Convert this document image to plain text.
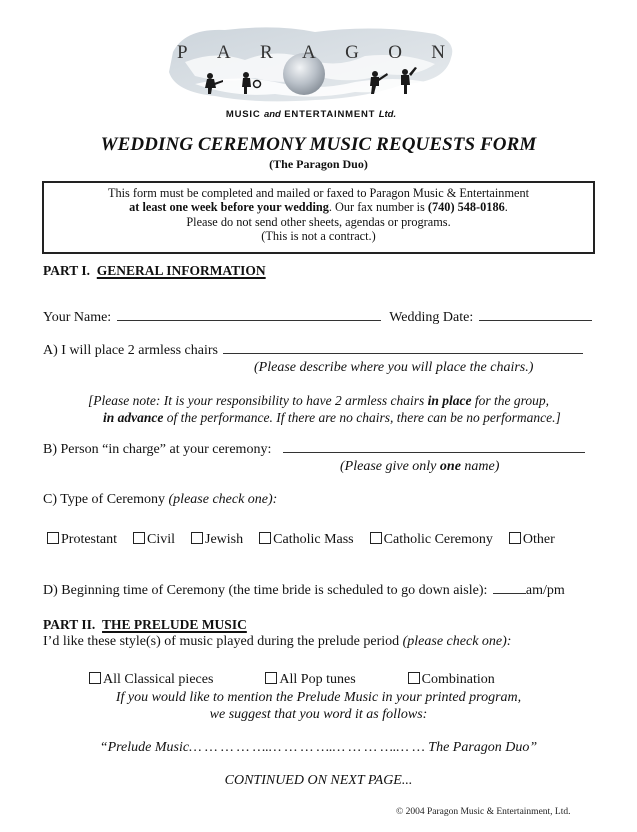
P A R A G O N
MUSIC and ENTERTAINMENT Ltd.
WEDDING CEREMONY MUSIC REQUESTS FORM
(The Paragon Duo)
This form must be completed and mailed or faxed to Paragon Music & Entertainment
at least one week before your wedding. Our fax number is (740) 548-0186.
Please do not send other sheets, agendas or programs.
(This is not a contract.)
PART I. GENERAL INFORMATION
Your Name:	Wedding Date:
A) I will place 2 armless chairs
(Please describe where you will place the chairs.)
[Please note: It is your responsibility to have 2 armless chairs in place for the group,
in advance of the performance. If there are no chairs, there can be no performance.]
B) Person “in charge” at your ceremony:
(Please give only one name)
C) Type of Ceremony (please check one):
Protestant Civil Jewish Catholic Mass Catholic Ceremony Other
D) Beginning time of Ceremony (the time bride is scheduled to go down aisle):	am/pm
PART II. THE PRELUDE MUSIC
I’d like these style(s) of music played during the prelude period (please check one):
All Classical pieces	All Pop tunes	Combination
If you would like to mention the Prelude Music in your printed program,
we suggest that you word it as follows:
“Prelude Music… … … … ….… … … ….… … … ….… … The Paragon Duo”
CONTINUED ON NEXT PAGE...
© 2004 Paragon Music & Entertainment, Ltd.
